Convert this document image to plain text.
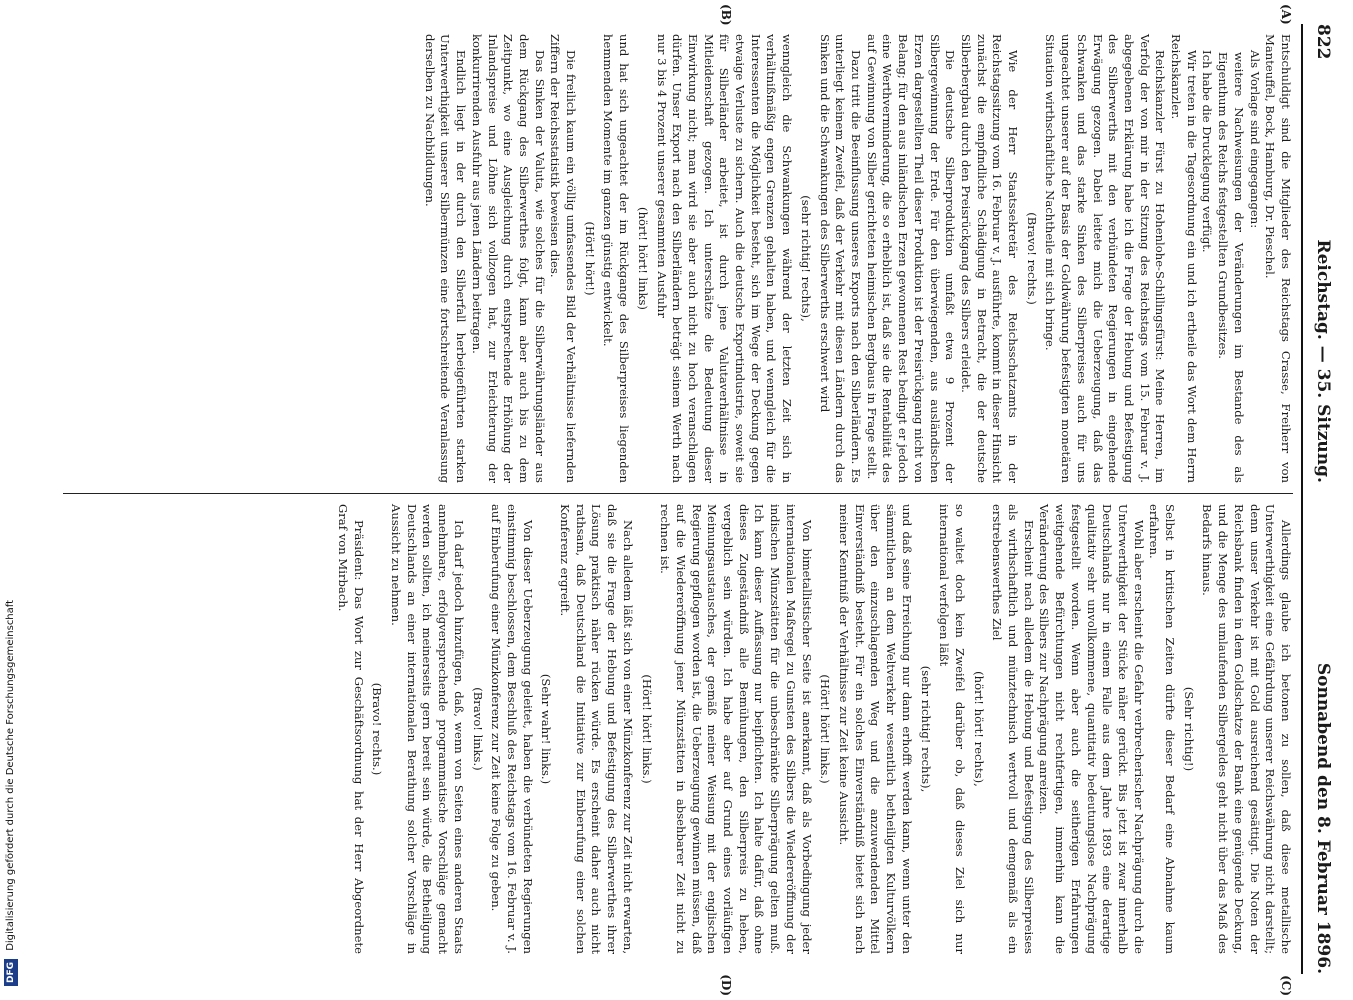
822
Reichstag. — 35. Sitzung.
Sonnabend den 8. Februar 1896.
(A)
(B)
(C)
(D)

Entschuldigt sind die Mitglieder des Reichstags Crasse, Freiherr von Manteuffel, Bock, Hamburg, Dr. Pieschel.

Als Vorlage sind eingegangen:

weitere Nachweisungen der Veränderungen im Bestande des als Eigenthum des Reichs festgestellten Grundbesitzes.

Ich habe die Drucklegung verfügt.

Wir treten in die Tagesordnung ein und ich ertheile das Wort dem Herrn Reichskanzler.

Reichskanzler Fürst zu Hohenlohe-Schillingsfürst: Meine Herren, im Verfolg der von mir in der Sitzung des Reichstags vom 15. Februar v. J. abgegebenen Erklärung habe ich die Frage der Hebung und Befestigung des Silberwerths mit den verbündeten Regierungen in eingehende Erwägung gezogen. Dabei leitete mich die Ueberzeugung, daß das Schwanken und das starke Sinken des Silberpreises auch für uns ungeachtet unserer auf der Basis der Goldwährung befestigten monetären Situation wirthschaftliche Nachtheile mit sich bringe.

(Bravo! rechts.)

Wie der Herr Staatssekretär des Reichsschatzamts in der Reichstagssitzung vom 16. Februar v. J. ausführte, kommt in dieser Hinsicht zunächst die empfindliche Schädigung in Betracht, die der deutsche Silberbergbau durch den Preisrückgang des Silbers erleidet.

Die deutsche Silberproduktion umfaßt etwa 9 Prozent der Silbergewinnung der Erde. Für den überwiegenden, aus ausländischen Erzen dargestellten Theil dieser Produktion ist der Preisrückgang nicht von Belang; für den aus inländischen Erzen gewonnenen Rest bedingt er jedoch eine Werthverminderung, die so erheblich ist, daß sie die Rentabilität des auf Gewinnung von Silber gerichteten heimischen Bergbaus in Frage stellt.

Dazu tritt die Beeinflussung unseres Exports nach den Silberländern. Es unterliegt keinem Zweifel, daß der Verkehr mit diesen Ländern durch das Sinken und die Schwankungen des Silberwerths erschwert wird

(sehr richtig! rechts),

wenngleich die Schwankungen während der letzten Zeit sich in verhältnißmäßig engen Grenzen gehalten haben, und wenngleich für die Interessenten die Möglichkeit besteht, sich im Wege der Deckung gegen etwaige Verluste zu sichern. Auch die deutsche Exportindustrie, soweit sie für Silberländer arbeitet, ist durch jene Valutaverhältnisse in Mitleidenschaft gezogen. Ich unterschätze die Bedeutung dieser Einwirkung nicht; man wird sie aber auch nicht zu hoch veranschlagen dürfen. Unser Export nach den Silberländern beträgt seinem Werth nach nur 3 bis 4 Prozent unserer gesammten Ausfuhr

(hört! hört! links)

und hat sich ungeachtet der im Rückgange des Silberpreises liegenden hemmenden Momente im ganzen günstig entwickelt.

(Hört! hört!)

Die freilich kaum ein völlig umfassendes Bild der Verhältnisse liefernden Ziffern der Reichsstatistik beweisen dies.

Das Sinken der Valuta, wie solches für die Silberwährungsländer aus dem Rückgang des Silberwerthes folgt, kann aber auch bis zu dem Zeitpunkt, wo eine Ausgleichung durch entsprechende Erhöhung der Inlandspreise und Löhne sich vollzogen hat, zur Erleichterung der konkurrirenden Ausfuhr aus jenen Ländern beitragen.

Endlich liegt in der durch den Silberfall herbeigeführten starken Unterwerthigkeit unserer Silbermünzen eine fortschreitende Veranlassung derselben zu Nachbildungen.

Allerdings glaube ich betonen zu sollen, daß diese metallische Unterwerthigkeit eine Gefährdung unserer Reichswährung nicht darstellt; denn unser Verkehr ist mit Gold ausreichend gesättigt. Die Noten der Reichsbank finden in dem Goldschatze der Bank eine genügende Deckung, und die Menge des umlaufenden Silbergeldes geht nicht über das Maß des Bedarfs hinaus.

(Sehr richtig!)

Selbst in kritischen Zeiten dürfte dieser Bedarf eine Abnahme kaum erfahren.

Wohl aber erscheint die Gefahr verbrecherischer Nachprägung durch die Unterwerthigkeit der Stücke näher gerückt. Bis jetzt ist zwar innerhalb Deutschlands nur in einem Falle aus dem Jahre 1893 eine derartige qualitativ sehr unvollkommene, quantitativ bedeutungslose Nachprägung festgestellt worden. Wenn aber auch die seitherigen Erfahrungen weitgehende Befürchtungen nicht rechtfertigen, immerhin kann die Veränderung des Silbers zur Nachprägung anreizen.

Erscheint nach alledem die Hebung und Befestigung des Silberpreises als wirthschaftlich und münztechnisch wertvoll und demgemäß als ein erstrebenswerthes Ziel

(hört! hört! rechts),

so waltet doch kein Zweifel darüber ob, daß dieses Ziel sich nur international verfolgen läßt

(sehr richtig! rechts),

und daß seine Erreichung nur dann erhofft werden kann, wenn unter den sämmtlichen an dem Weltverkehr wesentlich betheiligten Kulturvölkern über den einzuschlagenden Weg und die anzuwendenden Mittel Einverständniß besteht. Für ein solches Einverständniß bietet sich nach meiner Kenntniß der Verhältnisse zur Zeit keine Aussicht.

(Hört! hört! links.)

Von bimetallistischer Seite ist anerkannt, daß als Vorbedingung jeder internationalen Maßregel zu Gunsten des Silbers die Wiedereröffnung der indischen Münzstätten für die unbeschränkte Silberprägung gelten muß. Ich kann dieser Auffassung nur beipflichten. Ich halte dafür, daß ohne dieses Zugeständniß alle Bemühungen, den Silberpreis zu heben, vergeblich sein würden. Ich habe aber auf Grund eines vorläufigen Meinungsaustausches, der gemäß meiner Weisung mit der englischen Regierung gepflogen worden ist, die Ueberzeugung gewinnen müssen, daß auf die Wiedereröffnung jener Münzstätten in absehbarer Zeit nicht zu rechnen ist.

(Hört! hört! links.)

Nach alledem läßt sich von einer Münzkonferenz zur Zeit nicht erwarten, daß sie die Frage der Hebung und Befestigung des Silberwerthes ihrer Lösung praktisch näher rücken würde. Es erscheint daher auch nicht rathsam, daß Deutschland die Initiative zur Einberufung einer solchen Konferenz ergreift.

(Sehr wahr! links.)

Von dieser Ueberzeugung geleitet, haben die verbündeten Regierungen einstimmig beschlossen, dem Beschluß des Reichstags vom 16. Februar v. J. auf Einberufung einer Münzkonferenz zur Zeit keine Folge zu geben.

(Bravo! links.)

Ich darf jedoch hinzufügen, daß, wenn von Seiten eines anderen Staats annehmbare, erfolgversprechende programmatische Vorschläge gemacht werden sollten, ich meinerseits gern bereit sein würde, die Betheiligung Deutschlands an einer internationalen Berathung solcher Vorschläge in Aussicht zu nehmen.

(Bravo! rechts.)

Präsident: Das Wort zur Geschäftsordnung hat der Herr Abgeordnete Graf von Mirbach.

DFG Digitalisierung gefördert durch die Deutsche Forschungsgemeinschaft
